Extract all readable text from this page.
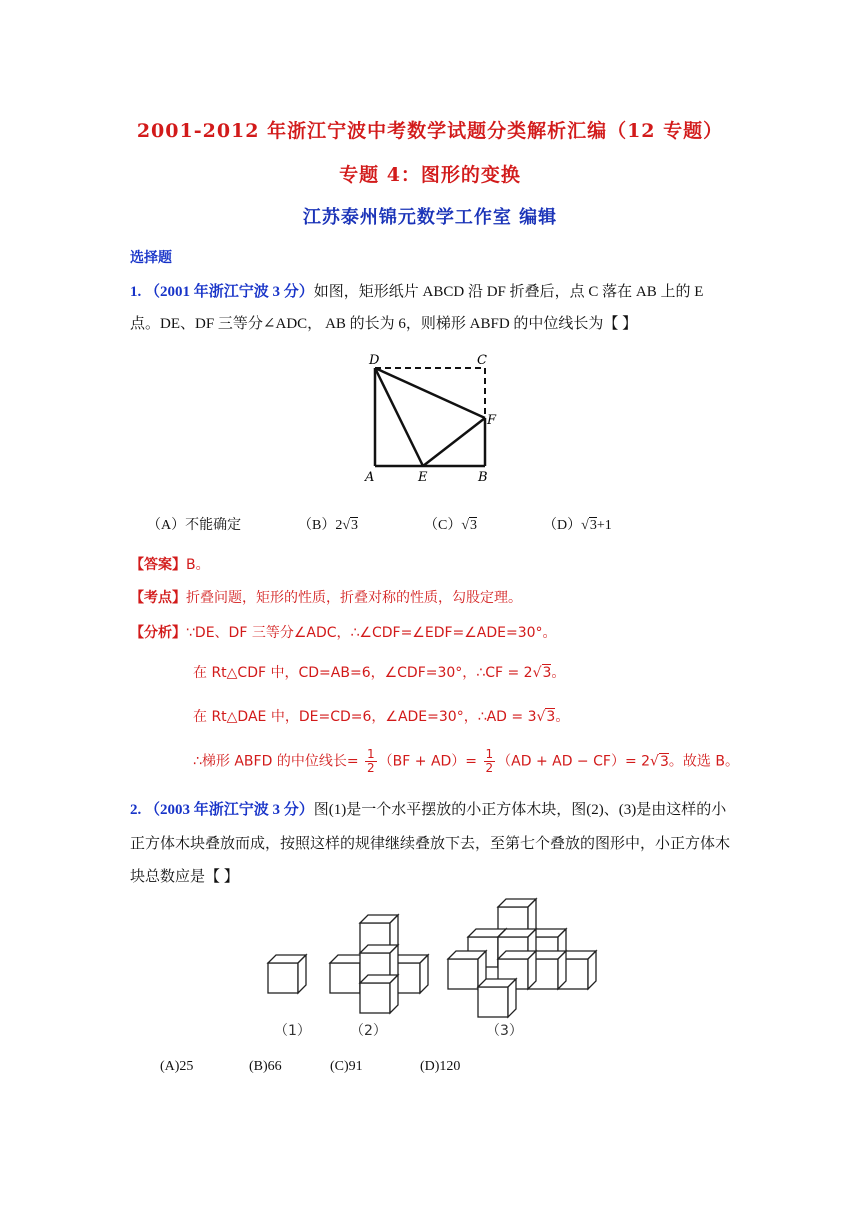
2001-2012 年浙江宁波中考数学试题分类解析汇编（12 专题）
专题 4：图形的变换
江苏泰州锦元数学工作室 编辑
选择题
1. （2001 年浙江宁波 3 分）如图，矩形纸片 ABCD 沿 DF 折叠后，点 C 落在 AB 上的 E
点。DE、DF 三等分∠ADC， AB 的长为 6，则梯形 ABFD 的中位线长为【 】
D	C
F
A	E	B
（A）不能确定	（B）2√3	（C）√3	（D）√3+1
【答案】B。
【考点】折叠问题，矩形的性质，折叠对称的性质，勾股定理。
【分析】∵DE、DF 三等分∠ADC，∴∠CDF=∠EDF=∠ADE=30°。
在 Rt△CDF 中，CD=AB=6，∠CDF=30°，∴CF = 2√3。
在 Rt△DAE 中，DE=CD=6，∠ADE=30°，∴AD = 3√3。
∴梯形 ABFD 的中位线长= $\frac{1}{2} (BF + AD)= \frac{1}{2} (AD$ + AD − CF）= 2√3。故选 B。
2. （2003 年浙江宁波 3 分）图(1)是一个水平摆放的小正方体木块，图(2)、(3)是由这样的小
正方体木块叠放而成，按照这样的规律继续叠放下去，至第七个叠放的图形中，小正方体木
块总数应是【 】
（1）	（2）	（3）
(A)25	(B)66	(C)91	(D)120
